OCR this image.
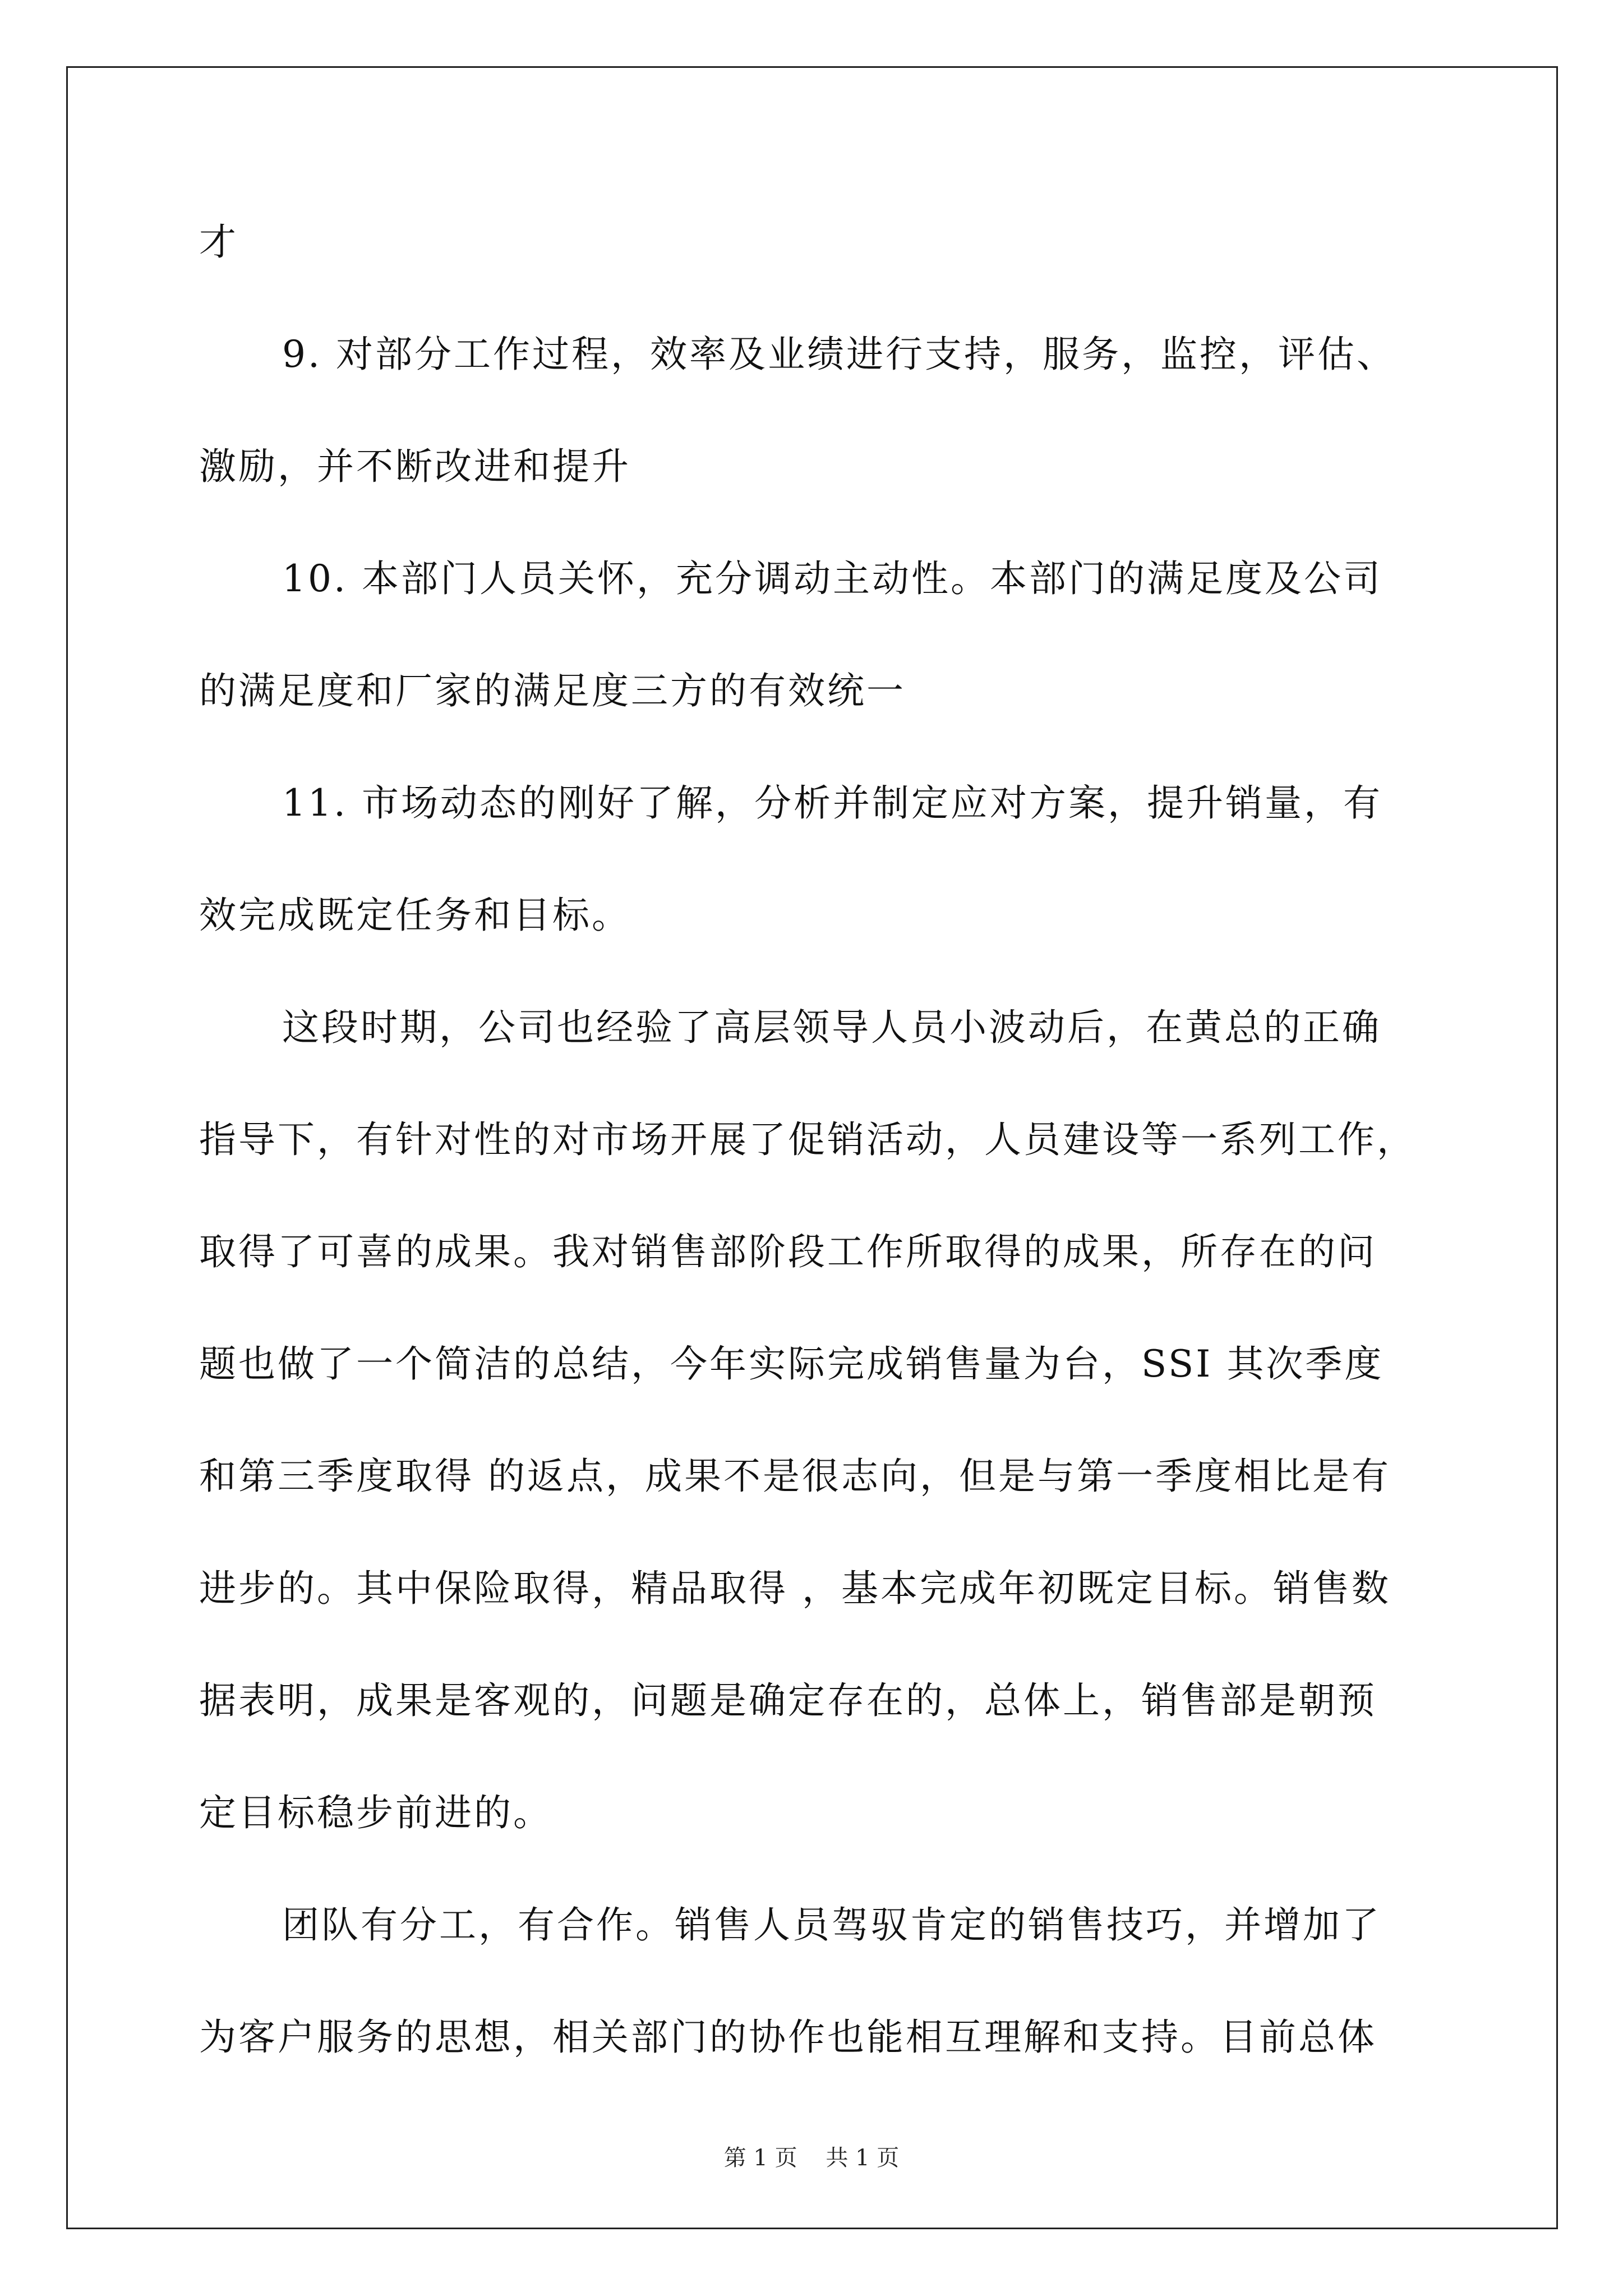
才
9. 对部分工作过程，效率及业绩进行支持，服务，监控，评估、
激励，并不断改进和提升
10. 本部门人员关怀，充分调动主动性。本部门的满足度及公司
的满足度和厂家的满足度三方的有效统一
11. 市场动态的刚好了解，分析并制定应对方案，提升销量，有
效完成既定任务和目标。
这段时期，公司也经验了高层领导人员小波动后，在黄总的正确
指导下，有针对性的对市场开展了促销活动，人员建设等一系列工作，
取得了可喜的成果。我对销售部阶段工作所取得的成果，所存在的问
题也做了一个简洁的总结，今年实际完成销售量为台，SSI 其次季度
和第三季度取得 的返点，成果不是很志向，但是与第一季度相比是有
进步的。其中保险取得，精品取得 ，基本完成年初既定目标。销售数
据表明，成果是客观的，问题是确定存在的，总体上，销售部是朝预
定目标稳步前进的。
团队有分工，有合作。销售人员驾驭肯定的销售技巧，并增加了
为客户服务的思想，相关部门的协作也能相互理解和支持。目前总体
第 1 页    共 1 页
